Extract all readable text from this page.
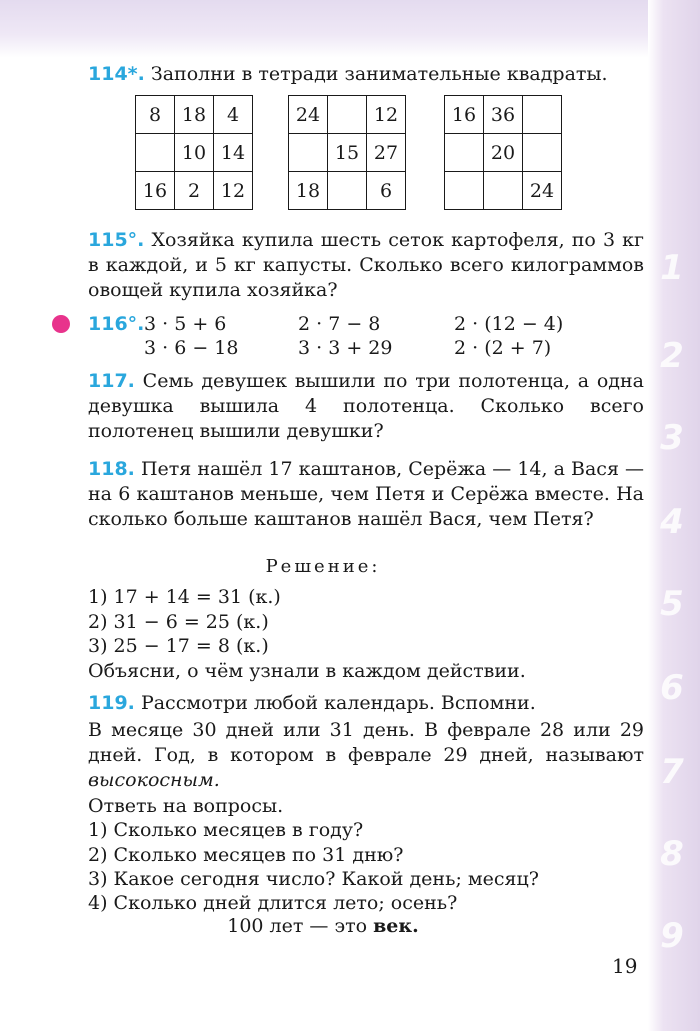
1
2
3
4
5
6
7
8
9
114*. Заполни в тетради занимательные квадраты.
8	18	4
	10	14
16	2	12
24		12
	15	27
18		6
16	36	
	20	
		24
115°. Хозяйка купила шесть сеток картофеля, по 3 кг в каждой, и 5 кг капусты. Сколько всего килограммов овощей купила хозяйка?
116°. 3 · 5 + 6	2 · 7 − 8	2 · (12 − 4)
3 · 6 − 18	3 · 3 + 29	2 · (2 + 7)
117. Семь девушек вышили по три полотенца, а одна девушка вышила 4 полотенца. Сколько всего полотенец вышили девушки?
118. Петя нашёл 17 каштанов, Серёжа — 14, а Вася — на 6 каштанов меньше, чем Петя и Серёжа вместе. На сколько больше каштанов нашёл Вася, чем Петя?
Решение:
1) 17 + 14 = 31 (к.)
2) 31 − 6 = 25 (к.)
3) 25 − 17 = 8 (к.)
Объясни, о чём узнали в каждом действии.
119. Рассмотри любой календарь. Вспомни.
В месяце 30 дней или 31 день. В феврале 28 или 29 дней. Год, в котором в феврале 29 дней, называют высокосным.
Ответь на вопросы.
1) Сколько месяцев в году?
2) Сколько месяцев по 31 дню?
3) Какое сегодня число? Какой день; месяц?
4) Сколько дней длится лето; осень?
100 лет — это век.
19
